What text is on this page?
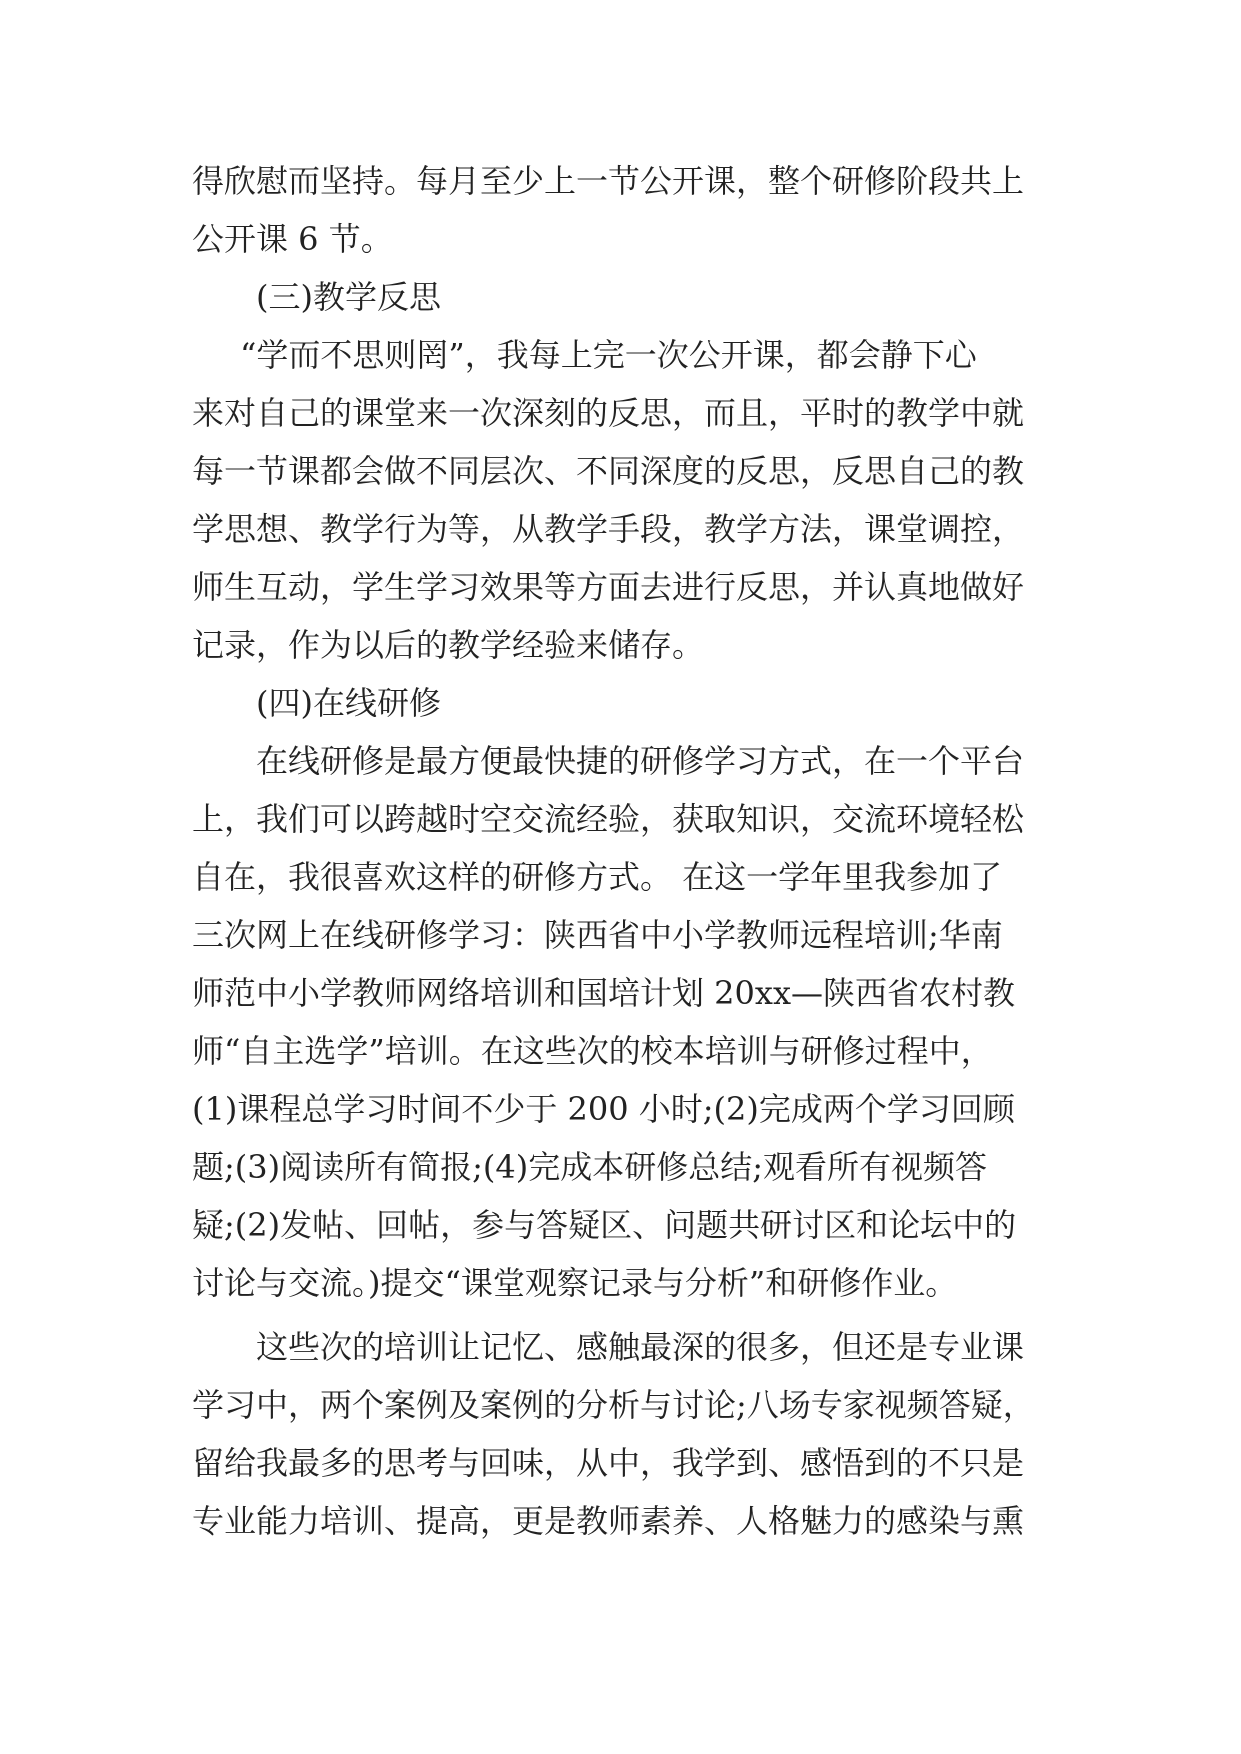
得欣慰而坚持。每月至少上一节公开课，整个研修阶段共上
公开课 6 节。
(三)教学反思
“学而不思则罔”，我每上完一次公开课，都会静下心
来对自己的课堂来一次深刻的反思，而且，平时的教学中就
每一节课都会做不同层次、不同深度的反思，反思自己的教
学思想、教学行为等，从教学手段，教学方法，课堂调控，
师生互动，学生学习效果等方面去进行反思，并认真地做好
记录，作为以后的教学经验来储存。
(四)在线研修
在线研修是最方便最快捷的研修学习方式，在一个平台
上，我们可以跨越时空交流经验，获取知识，交流环境轻松
自在，我很喜欢这样的研修方式。 在这一学年里我参加了
三次网上在线研修学习：陕西省中小学教师远程培训;华南
师范中小学教师网络培训和国培计划 20xx—陕西省农村教
师“自主选学”培训。在这些次的校本培训与研修过程中，
(1)课程总学习时间不少于 200 小时;(2)完成两个学习回顾
题;(3)阅读所有简报;(4)完成本研修总结;观看所有视频答
疑;(2)发帖、回帖，参与答疑区、问题共研讨区和论坛中的
讨论与交流。)提交“课堂观察记录与分析”和研修作业。
这些次的培训让记忆、感触最深的很多，但还是专业课
学习中，两个案例及案例的分析与讨论;八场专家视频答疑，
留给我最多的思考与回味，从中，我学到、感悟到的不只是
专业能力培训、提高，更是教师素养、人格魅力的感染与熏
